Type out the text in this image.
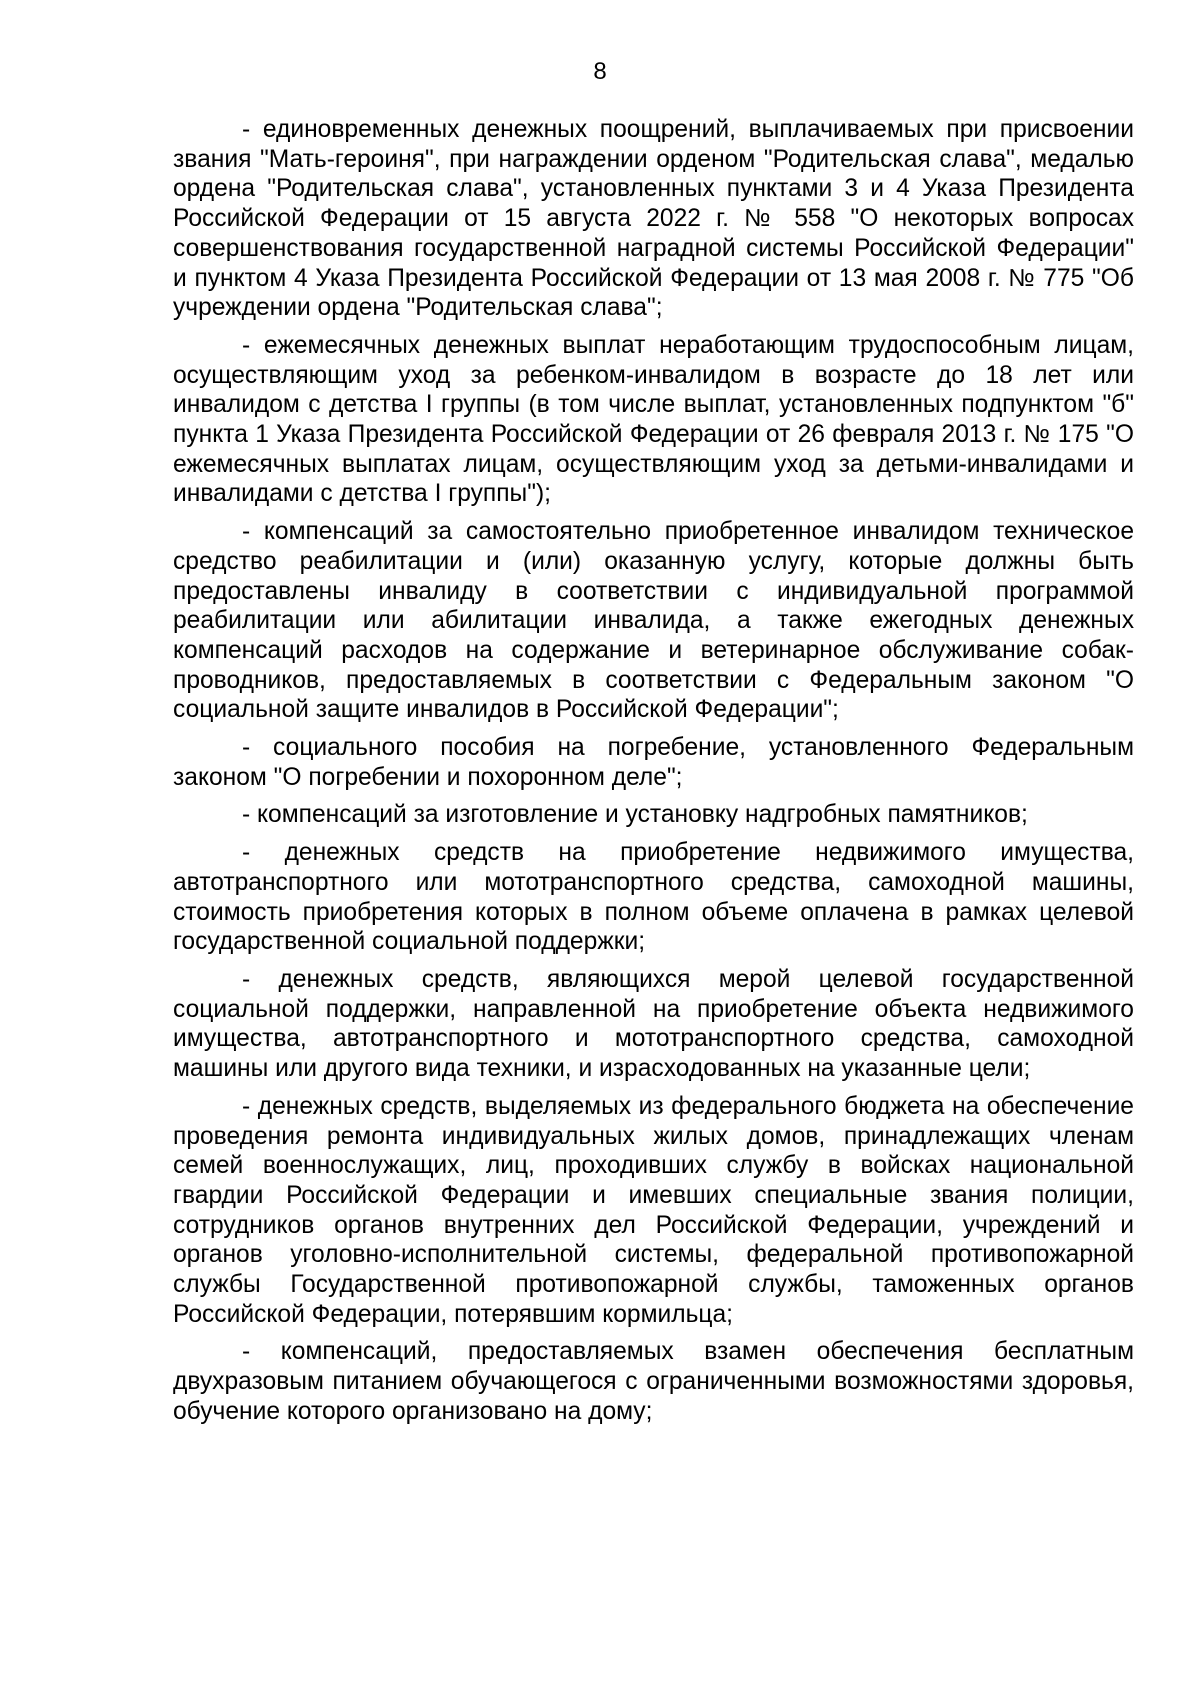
8

- единовременных денежных поощрений, выплачиваемых при присвоении звания "Мать-героиня", при награждении орденом "Родительская слава", медалью ордена "Родительская слава", установленных пунктами 3 и 4 Указа Президента Российской Федерации от 15 августа 2022 г. № 558 "О некоторых вопросах совершенствования государственной наградной системы Российской Федерации" и пунктом 4 Указа Президента Российской Федерации от 13 мая 2008 г. № 775 "Об учреждении ордена "Родительская слава";

- ежемесячных денежных выплат неработающим трудоспособным лицам, осуществляющим уход за ребенком-инвалидом в возрасте до 18 лет или инвалидом с детства I группы (в том числе выплат, установленных подпунктом "б" пункта 1 Указа Президента Российской Федерации от 26 февраля 2013 г. № 175 "О ежемесячных выплатах лицам, осуществляющим уход за детьми-инвалидами и инвалидами с детства I группы");

- компенсаций за самостоятельно приобретенное инвалидом техническое средство реабилитации и (или) оказанную услугу, которые должны быть предоставлены инвалиду в соответствии с индивидуальной программой реабилитации или абилитации инвалида, а также ежегодных денежных компенсаций расходов на содержание и ветеринарное обслуживание собак-проводников, предоставляемых в соответствии с Федеральным законом "О социальной защите инвалидов в Российской Федерации";

- социального пособия на погребение, установленного Федеральным законом "О погребении и похоронном деле";

- компенсаций за изготовление и установку надгробных памятников;

- денежных средств на приобретение недвижимого имущества, автотранспортного или мототранспортного средства, самоходной машины, стоимость приобретения которых в полном объеме оплачена в рамках целевой государственной социальной поддержки;

- денежных средств, являющихся мерой целевой государственной социальной поддержки, направленной на приобретение объекта недвижимого имущества, автотранспортного и мототранспортного средства, самоходной машины или другого вида техники, и израсходованных на указанные цели;

- денежных средств, выделяемых из федерального бюджета на обеспечение проведения ремонта индивидуальных жилых домов, принадлежащих членам семей военнослужащих, лиц, проходивших службу в войсках национальной гвардии Российской Федерации и имевших специальные звания полиции, сотрудников органов внутренних дел Российской Федерации, учреждений и органов уголовно-исполнительной системы, федеральной противопожарной службы Государственной противопожарной службы, таможенных органов Российской Федерации, потерявшим кормильца;

- компенсаций, предоставляемых взамен обеспечения бесплатным двухразовым питанием обучающегося с ограниченными возможностями здоровья, обучение которого организовано на дому;
